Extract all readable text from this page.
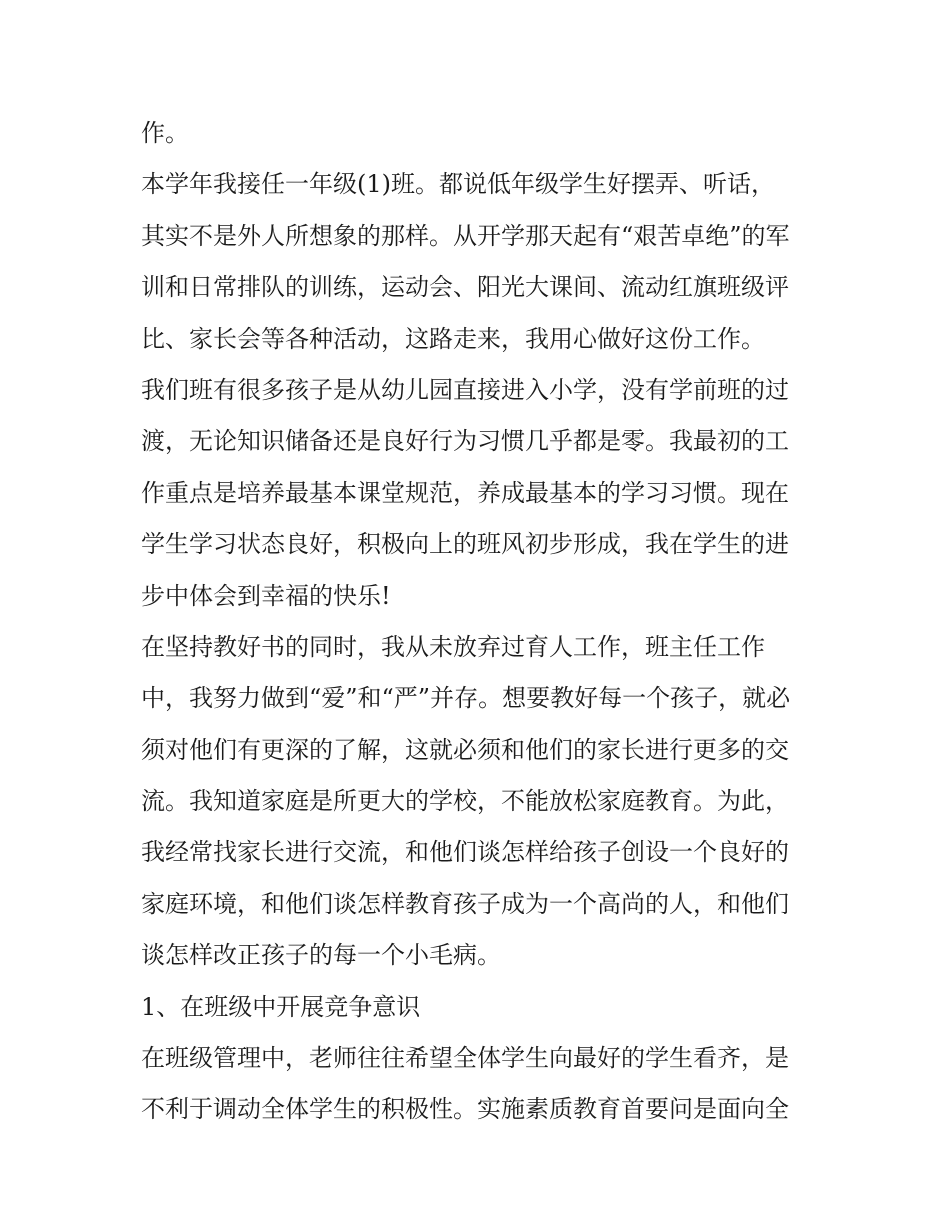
作。
本学年我接任一年级(1)班。都说低年级学生好摆弄、听话，
其实不是外人所想象的那样。从开学那天起有“艰苦卓绝”的军
训和日常排队的训练，运动会、阳光大课间、流动红旗班级评
比、家长会等各种活动，这路走来，我用心做好这份工作。
我们班有很多孩子是从幼儿园直接进入小学，没有学前班的过
渡，无论知识储备还是良好行为习惯几乎都是零。我最初的工
作重点是培养最基本课堂规范，养成最基本的学习习惯。现在
学生学习状态良好，积极向上的班风初步形成，我在学生的进
步中体会到幸福的快乐!
在坚持教好书的同时，我从未放弃过育人工作，班主任工作
中，我努力做到“爱”和“严”并存。想要教好每一个孩子，就必
须对他们有更深的了解，这就必须和他们的家长进行更多的交
流。我知道家庭是所更大的学校，不能放松家庭教育。为此，
我经常找家长进行交流，和他们谈怎样给孩子创设一个良好的
家庭环境，和他们谈怎样教育孩子成为一个高尚的人，和他们
谈怎样改正孩子的每一个小毛病。
1、在班级中开展竞争意识
在班级管理中，老师往往希望全体学生向最好的学生看齐，是
不利于调动全体学生的积极性。实施素质教育首要问是面向全
